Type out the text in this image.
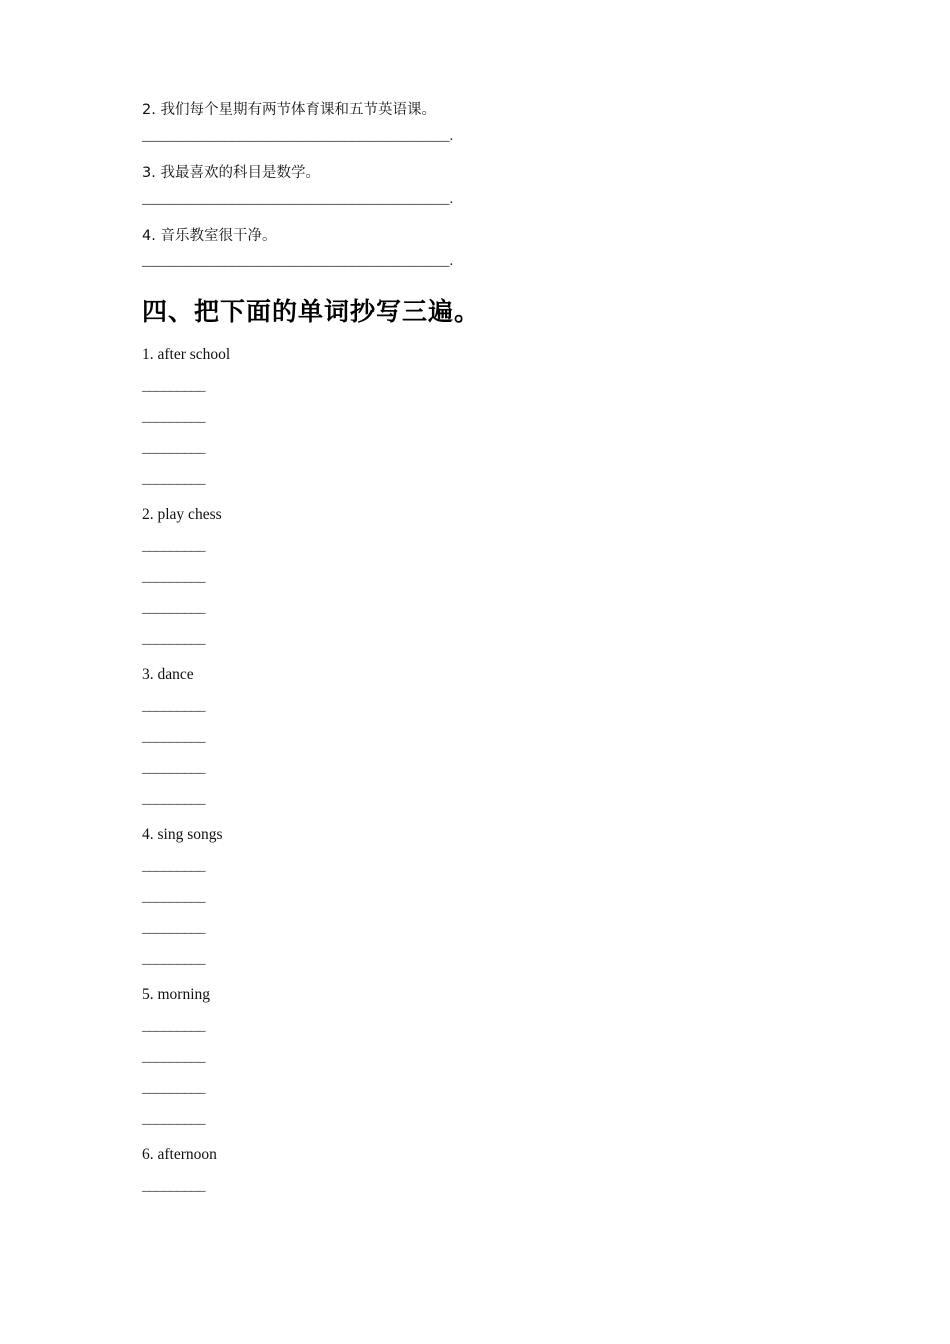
2. 我们每个星期有两节体育课和五节英语课。

_________________________________________.

3. 我最喜欢的科目是数学。

_________________________________________.

4. 音乐教室很干净。

_________________________________________.

四、把下面的单词抄写三遍。

1. after school

_________

_________

_________

_________

2. play chess

_________

_________

_________

_________

3. dance

_________

_________

_________

_________

4. sing songs

_________

_________

_________

_________

5. morning

_________

_________

_________

_________

6. afternoon

_________
